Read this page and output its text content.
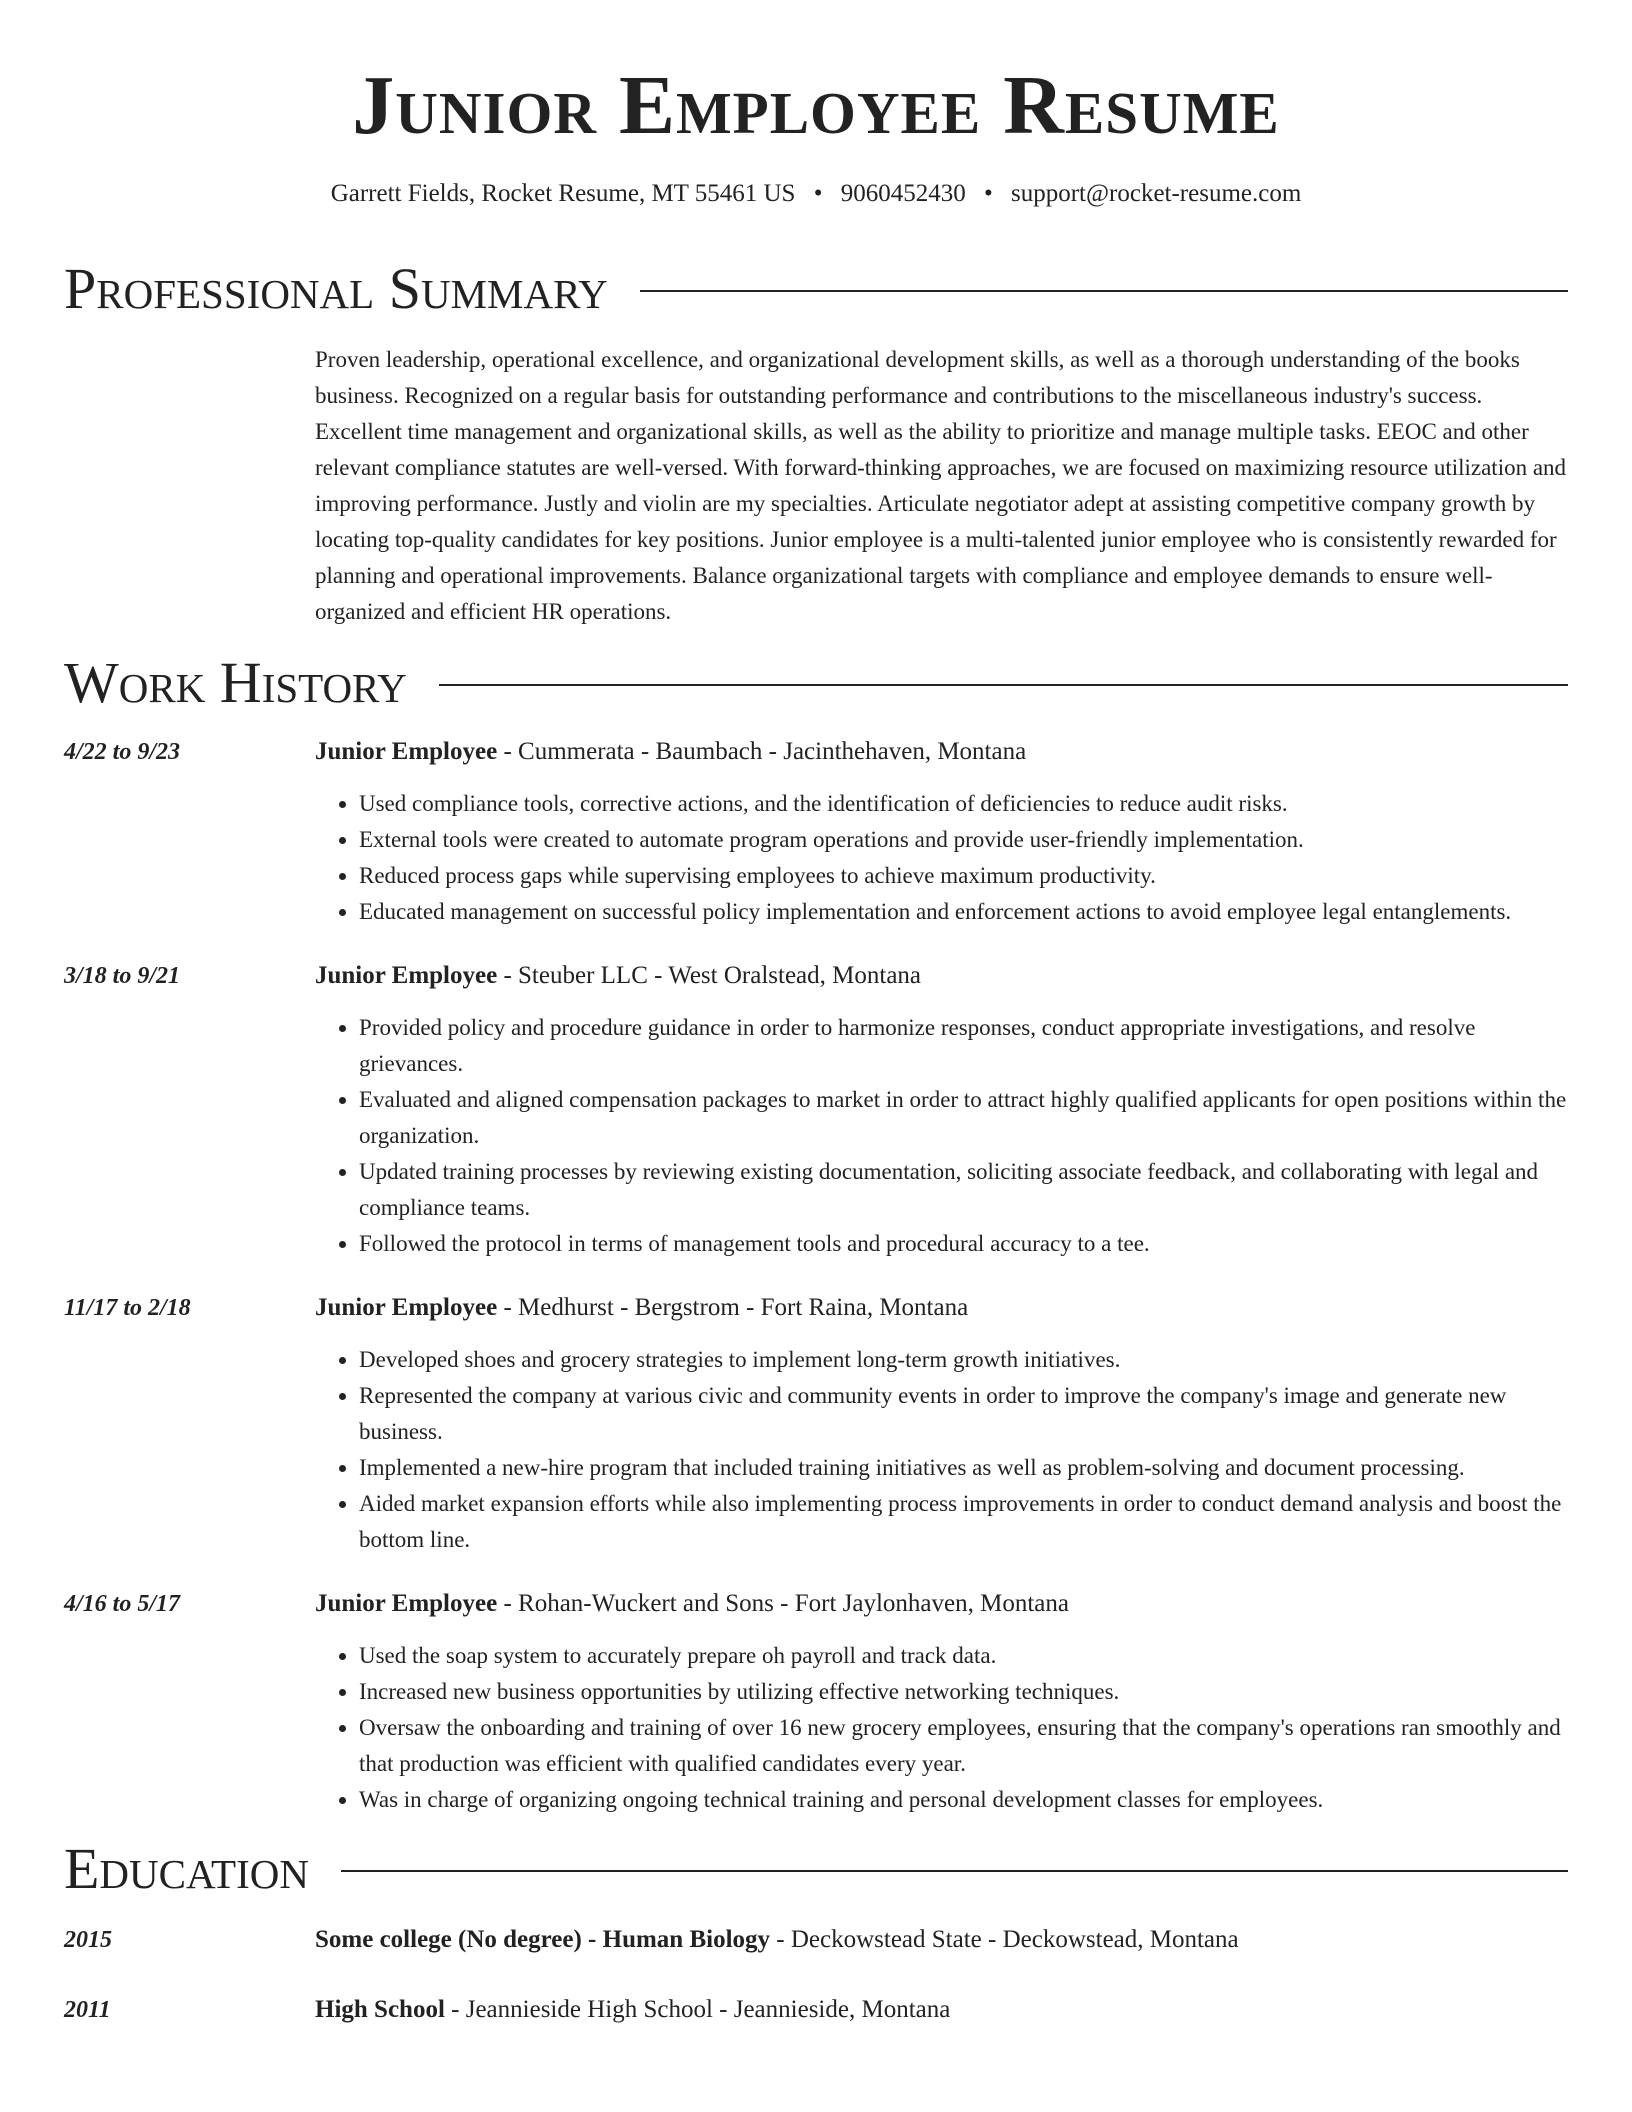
Junior Employee Resume
Garrett Fields, Rocket Resume, MT 55461 US • 9060452430 • support@rocket-resume.com
Professional Summary

Proven leadership, operational excellence, and organizational development skills, as well as a thorough understanding of the books business. Recognized on a regular basis for outstanding performance and contributions to the miscellaneous industry's success. Excellent time management and organizational skills, as well as the ability to prioritize and manage multiple tasks. EEOC and other relevant compliance statutes are well-versed. With forward-thinking approaches, we are focused on maximizing resource utilization and improving performance. Justly and violin are my specialties. Articulate negotiator adept at assisting competitive company growth by locating top-quality candidates for key positions. Junior employee is a multi-talented junior employee who is consistently rewarded for planning and operational improvements. Balance organizational targets with compliance and employee demands to ensure well-organized and efficient HR operations.

Work History
4/22 to 9/23	Junior Employee - Cummerata - Baumbach - Jacinthehaven, Montana
• Used compliance tools, corrective actions, and the identification of deficiencies to reduce audit risks.
• External tools were created to automate program operations and provide user-friendly implementation.
• Reduced process gaps while supervising employees to achieve maximum productivity.
• Educated management on successful policy implementation and enforcement actions to avoid employee legal entanglements.
3/18 to 9/21	Junior Employee - Steuber LLC - West Oralstead, Montana
• Provided policy and procedure guidance in order to harmonize responses, conduct appropriate investigations, and resolve grievances.
• Evaluated and aligned compensation packages to market in order to attract highly qualified applicants for open positions within the organization.
• Updated training processes by reviewing existing documentation, soliciting associate feedback, and collaborating with legal and compliance teams.
• Followed the protocol in terms of management tools and procedural accuracy to a tee.
11/17 to 2/18	Junior Employee - Medhurst - Bergstrom - Fort Raina, Montana
• Developed shoes and grocery strategies to implement long-term growth initiatives.
• Represented the company at various civic and community events in order to improve the company's image and generate new business.
• Implemented a new-hire program that included training initiatives as well as problem-solving and document processing.
• Aided market expansion efforts while also implementing process improvements in order to conduct demand analysis and boost the bottom line.
4/16 to 5/17	Junior Employee - Rohan-Wuckert and Sons - Fort Jaylonhaven, Montana
• Used the soap system to accurately prepare oh payroll and track data.
• Increased new business opportunities by utilizing effective networking techniques.
• Oversaw the onboarding and training of over 16 new grocery employees, ensuring that the company's operations ran smoothly and that production was efficient with qualified candidates every year.
• Was in charge of organizing ongoing technical training and personal development classes for employees.
Education
2015	Some college (No degree) - Human Biology - Deckowstead State - Deckowstead, Montana
2011	High School - Jeannieside High School - Jeannieside, Montana
